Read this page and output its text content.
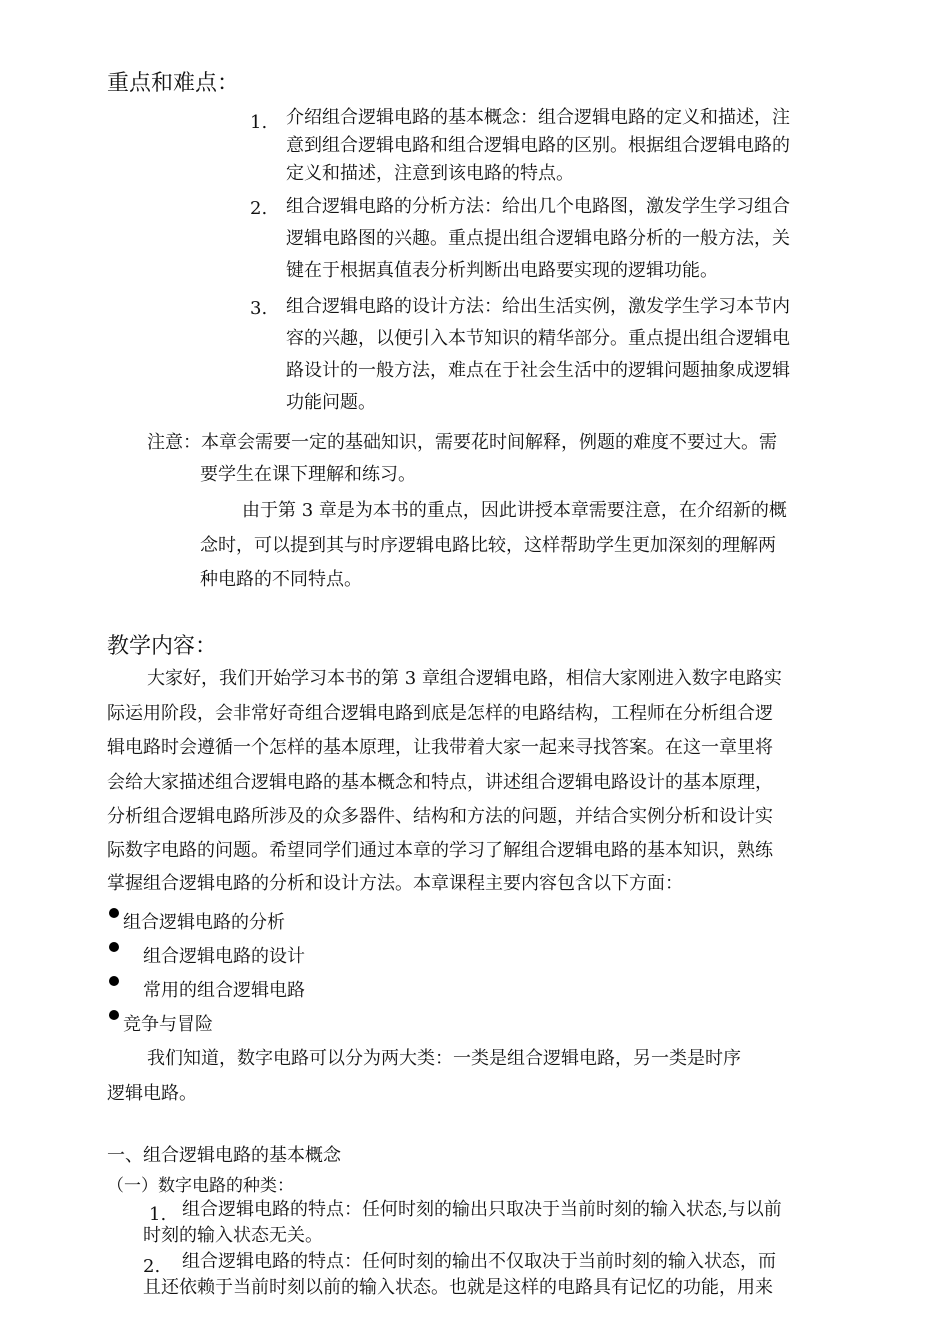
重点和难点：
1. 介绍组合逻辑电路的基本概念：组合逻辑电路的定义和描述，注
意到组合逻辑电路和组合逻辑电路的区别。根据组合逻辑电路的
定义和描述，注意到该电路的特点。
2. 组合逻辑电路的分析方法：给出几个电路图，激发学生学习组合
逻辑电路图的兴趣。重点提出组合逻辑电路分析的一般方法，关
键在于根据真值表分析判断出电路要实现的逻辑功能。
3. 组合逻辑电路的设计方法：给出生活实例，激发学生学习本节内
容的兴趣，以便引入本节知识的精华部分。重点提出组合逻辑电
路设计的一般方法，难点在于社会生活中的逻辑问题抽象成逻辑
功能问题。
注意：本章会需要一定的基础知识，需要花时间解释，例题的难度不要过大。需
要学生在课下理解和练习。
由于第 3 章是为本书的重点，因此讲授本章需要注意，在介绍新的概
念时，可以提到其与时序逻辑电路比较，这样帮助学生更加深刻的理解两
种电路的不同特点。
教学内容：
大家好，我们开始学习本书的第 3 章组合逻辑电路，相信大家刚进入数字电路实
际运用阶段，会非常好奇组合逻辑电路到底是怎样的电路结构，工程师在分析组合逻
辑电路时会遵循一个怎样的基本原理，让我带着大家一起来寻找答案。在这一章里将
会给大家描述组合逻辑电路的基本概念和特点，讲述组合逻辑电路设计的基本原理，
分析组合逻辑电路所涉及的众多器件、结构和方法的问题，并结合实例分析和设计实
际数字电路的问题。希望同学们通过本章的学习了解组合逻辑电路的基本知识，熟练
掌握组合逻辑电路的分析和设计方法。本章课程主要内容包含以下方面：
组合逻辑电路的分析
组合逻辑电路的设计
常用的组合逻辑电路
竞争与冒险
我们知道，数字电路可以分为两大类：一类是组合逻辑电路，另一类是时序
逻辑电路。
一、组合逻辑电路的基本概念
（一）数字电路的种类：
1. 组合逻辑电路的特点：任何时刻的输出只取决于当前时刻的输入状态,与以前
时刻的输入状态无关。
2. 组合逻辑电路的特点：任何时刻的输出不仅取决于当前时刻的输入状态，而
且还依赖于当前时刻以前的输入状态。也就是这样的电路具有记忆的功能，用来
